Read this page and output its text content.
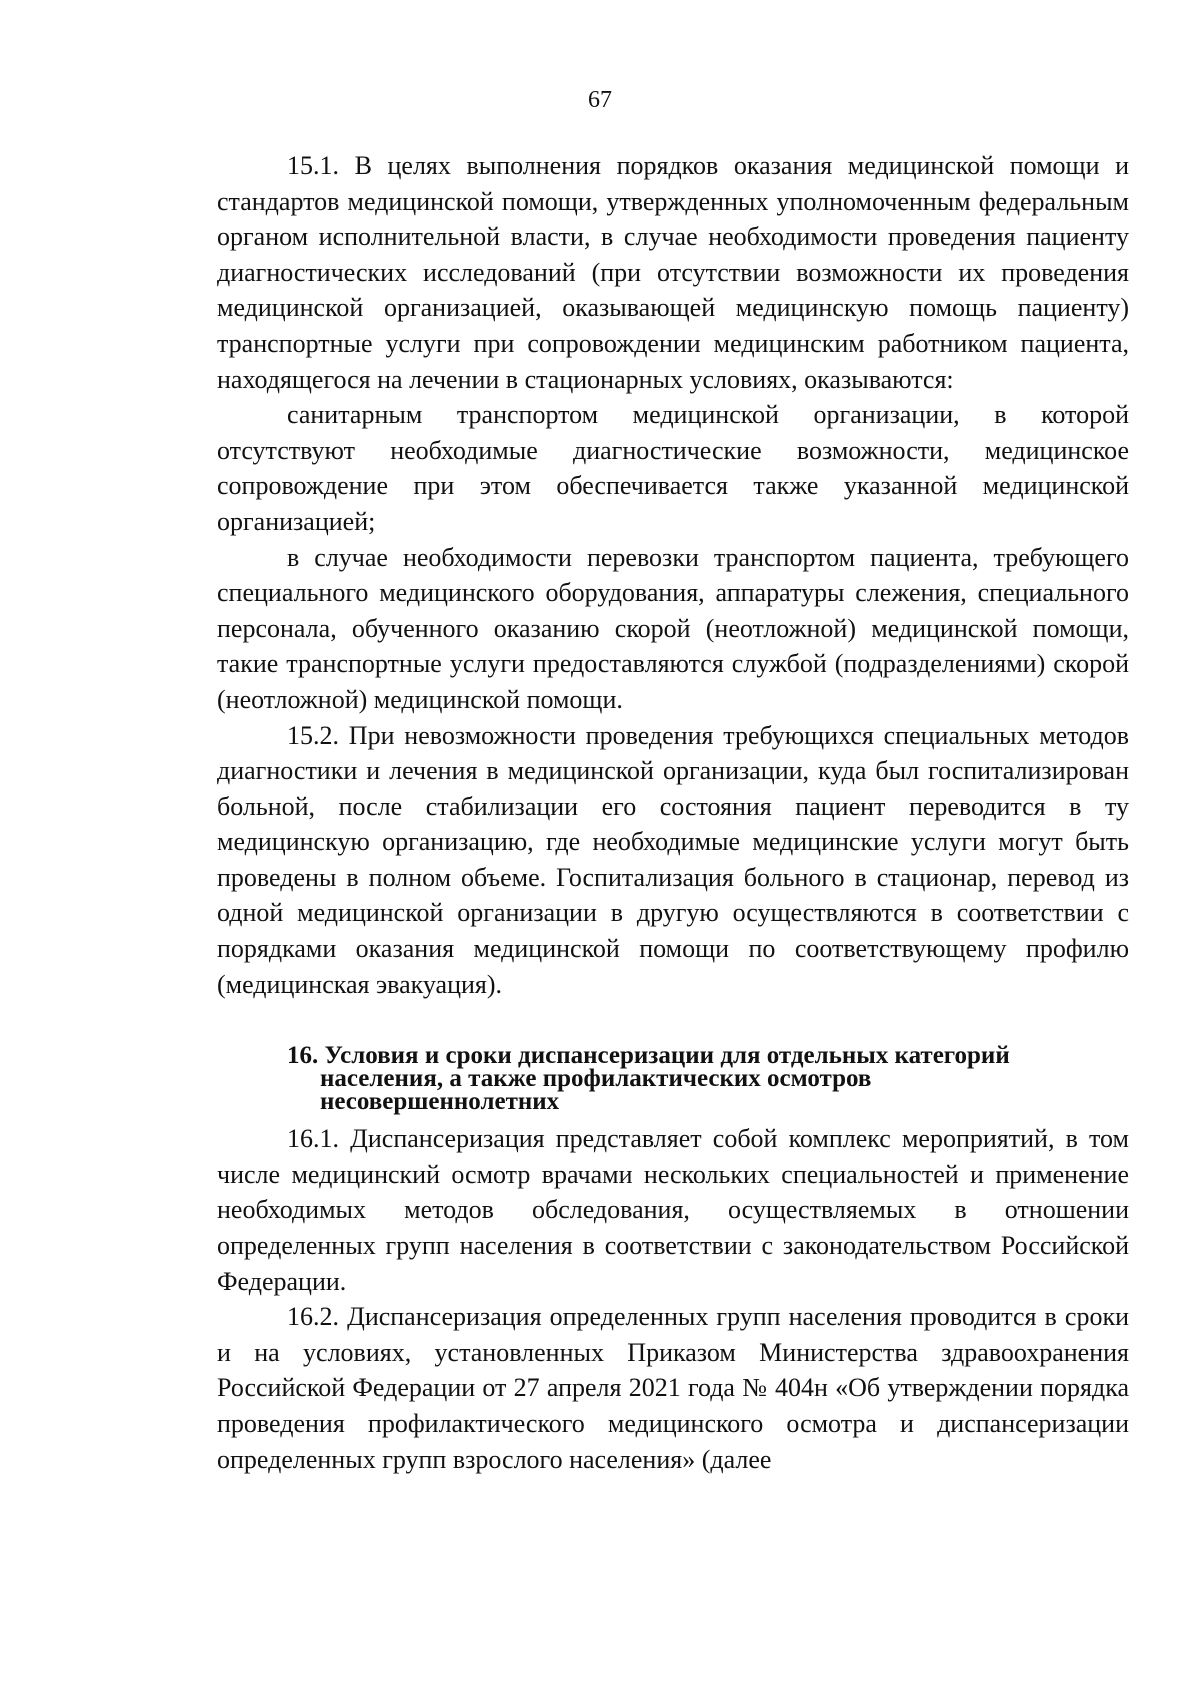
67

15.1. В целях выполнения порядков оказания медицинской помощи и стандартов медицинской помощи, утвержденных уполномоченным федеральным органом исполнительной власти, в случае необходимости проведения пациенту диагностических исследований (при отсутствии возможности их проведения медицинской организацией, оказывающей медицинскую помощь пациенту) транспортные услуги при сопровождении медицинским работником пациента, находящегося на лечении в стационарных условиях, оказываются:

санитарным транспортом медицинской организации, в которой отсутствуют необходимые диагностические возможности, медицинское сопровождение при этом обеспечивается также указанной медицинской организацией;

в случае необходимости перевозки транспортом пациента, требующего специального медицинского оборудования, аппаратуры слежения, специального персонала, обученного оказанию скорой (неотложной) медицинской помощи, такие транспортные услуги предоставляются службой (подразделениями) скорой (неотложной) медицинской помощи.

15.2. При невозможности проведения требующихся специальных методов диагностики и лечения в медицинской организации, куда был госпитализирован больной, после стабилизации его состояния пациент переводится в ту медицинскую организацию, где необходимые медицинские услуги могут быть проведены в полном объеме. Госпитализация больного в стационар, перевод из одной медицинской организации в другую осуществляются в соответствии с порядками оказания медицинской помощи по соответствующему профилю (медицинская эвакуация).

16. Условия и сроки диспансеризации для отдельных категорий
населения, а также профилактических осмотров
несовершеннолетних

16.1. Диспансеризация представляет собой комплекс мероприятий, в том числе медицинский осмотр врачами нескольких специальностей и применение необходимых методов обследования, осуществляемых в отношении определенных групп населения в соответствии с законодательством Российской Федерации.

16.2. Диспансеризация определенных групп населения проводится в сроки и на условиях, установленных Приказом Министерства здравоохранения Российской Федерации от 27 апреля 2021 года № 404н «Об утверждении порядка проведения профилактического медицинского осмотра и диспансеризации определенных групп взрослого населения» (далее
